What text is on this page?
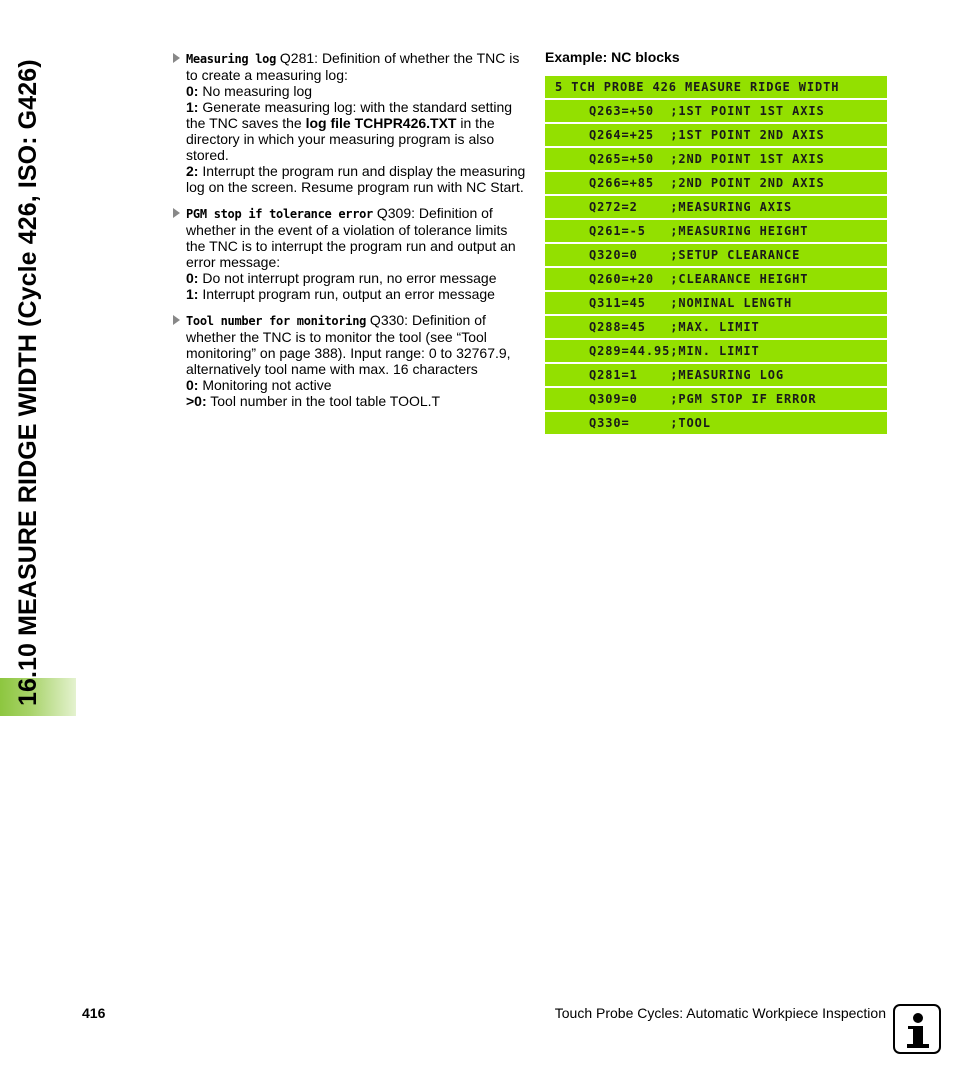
16.10 MEASURE RIDGE WIDTH (Cycle 426, ISO: G426)

Measuring log Q281: Definition of whether the TNC is to create a measuring log:

0: No measuring log

1: Generate measuring log: with the standard setting the TNC saves the log file TCHPR426.TXT in the directory in which your measuring program is also stored.

2: Interrupt the program run and display the measuring log on the screen. Resume program run with NC Start.

PGM stop if tolerance error Q309: Definition of whether in the event of a violation of tolerance limits the TNC is to interrupt the program run and output an error message:

0: Do not interrupt program run, no error message

1: Interrupt program run, output an error message

Tool number for monitoring Q330: Definition of whether the TNC is to monitor the tool (see “Tool monitoring” on page 388). Input range: 0 to 32767.9, alternatively tool name with max. 16 characters

0: Monitoring not active

>0: Tool number in the tool table TOOL.T

Example: NC blocks
5 TCH PROBE 426 MEASURE RIDGE WIDTH
Q263=+50  ;1ST POINT 1ST AXIS
Q264=+25  ;1ST POINT 2ND AXIS
Q265=+50  ;2ND POINT 1ST AXIS
Q266=+85  ;2ND POINT 2ND AXIS
Q272=2    ;MEASURING AXIS
Q261=-5   ;MEASURING HEIGHT
Q320=0    ;SETUP CLEARANCE
Q260=+20  ;CLEARANCE HEIGHT
Q311=45   ;NOMINAL LENGTH
Q288=45   ;MAX. LIMIT
Q289=44.95;MIN. LIMIT
Q281=1    ;MEASURING LOG
Q309=0    ;PGM STOP IF ERROR
Q330=     ;TOOL
416	Touch Probe Cycles: Automatic Workpiece Inspection
